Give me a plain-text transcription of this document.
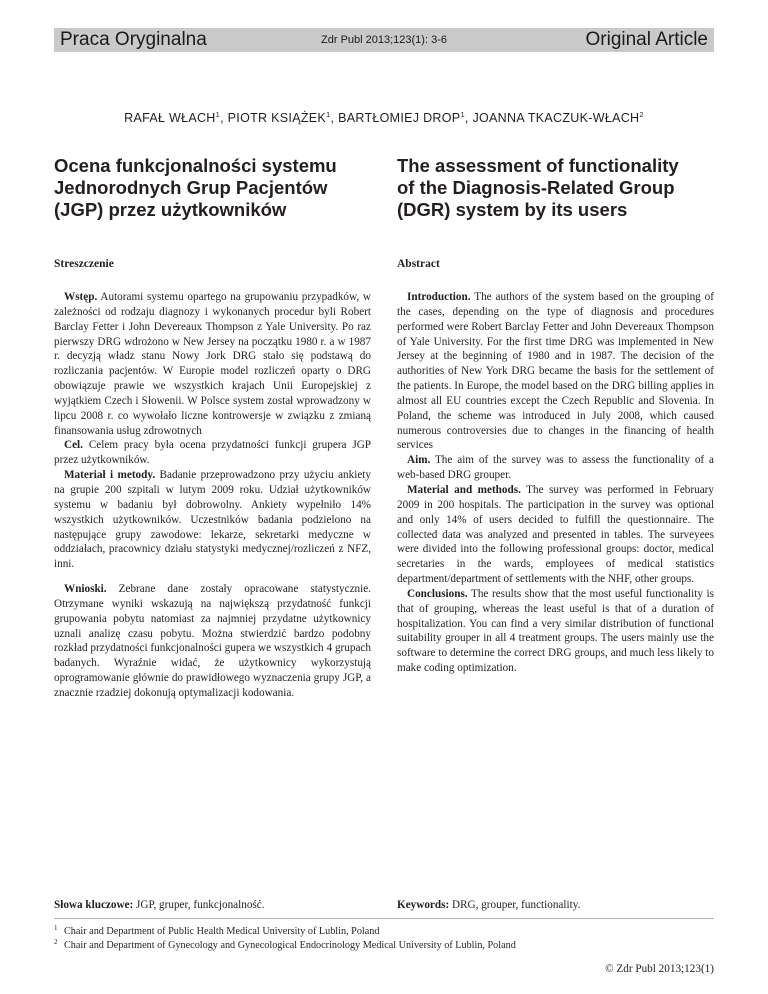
Praca Oryginalna	Zdr Publ 2013;123(1): 3-6	Original Article
RAFAŁ WŁACH$^1$, PIOTR KSIĄŻEK$^1$, BARTŁOMIEJ DROP$^1$, JOANNA TKACZUK-WŁACH$^2$
Ocena funkcjonalności systemu
Jednorodnych Grup Pacjentów
(JGP) przez użytkowników
Streszczenie

Wstęp. Autorami systemu opartego na grupowaniu przypadków, w zależności od rodzaju diagnozy i wykonanych procedur byli Robert Barclay Fetter i John Devereaux Thompson z Yale University. Po raz pierwszy DRG wdrożono w New Jersey na początku 1980 r. a w 1987 r. decyzją władz stanu Nowy Jork DRG stało się podstawą do rozliczania pacjentów. W Europie model rozliczeń oparty o DRG obowiązuje prawie we wszystkich krajach Unii Europejskiej z wyjątkiem Czech i Słowenii. W Polsce system został wprowadzony w lipcu 2008 r. co wywołało liczne kontrowersje w związku z zmianą finansowania usług zdrowotnych

Cel. Celem pracy była ocena przydatności funkcji grupera JGP przez użytkowników.

Materiał i metody. Badanie przeprowadzono przy użyciu ankiety na grupie 200 szpitali w lutym 2009 roku. Udział użytkowników systemu w badaniu był dobrowolny. Ankiety wypełniło 14% wszystkich użytkowników. Uczestników badania podzielono na następujące grupy zawodowe: lekarze, sekretarki medyczne w oddziałach, pracownicy działu statystyki medycznej/rozliczeń z NFZ, inni.

Wnioski. Zebrane dane zostały opracowane statystycznie. Otrzymane wyniki wskazują na największą przydatność funkcji grupowania pobytu natomiast za najmniej przydatne użytkownicy uznali analizę czasu pobytu. Można stwierdzić bardzo podobny rozkład przydatności funkcjonalności gupera we wszystkich 4 grupach badanych. Wyraźnie widać, że użytkownicy wykorzystują oprogramowanie głównie do prawidłowego wyznaczenia grupy JGP, a znacznie rzadziej dokonują optymalizacji kodowania.

Słowa kluczowe: JGP, gruper, funkcjonalność.
The assessment of functionality
of the Diagnosis-Related Group
(DGR) system by its users
Abstract

Introduction. The authors of the system based on the grouping of the cases, depending on the type of diagnosis and procedures performed were Robert Barclay Fetter and John Devereaux Thompson of Yale University. For the first time DRG was implemented in New Jersey at the beginning of 1980 and in 1987. The decision of the authorities of New York DRG became the basis for the settlement of the patients. In Europe, the model based on the DRG billing applies in almost all EU countries except the Czech Republic and Slovenia. In Poland, the scheme was introduced in July 2008, which caused numerous controversies due to changes in the financing of health services

Aim. The aim of the survey was to assess the functionality of a web-based DRG grouper.

Material and methods. The survey was performed in February 2009 in 200 hospitals. The participation in the survey was optional and only 14% of users decided to fulfill the questionnaire. The collected data was analyzed and presented in tables. The surveyees were divided into the following professional groups: doctor, medical secretaries in the wards, employees of medical statistics department/department of settlements with the NHF, other groups.

Conclusions. The results show that the most useful functionality is that of grouping, whereas the least useful is that of a duration of hospitalization. You can find a very similar distribution of functional suitability grouper in all 4 treatment groups. The users mainly use the software to determine the correct DRG groups, and much less likely to make coding optimization.

Keywords: DRG, grouper, functionality.
$^1$ Chair and Department of Public Health Medical University of Lublin, Poland
$^2$ Chair and Department of Gynecology and Gynecological Endocrinology Medical University of Lublin, Poland
© Zdr Publ 2013;123(1)
